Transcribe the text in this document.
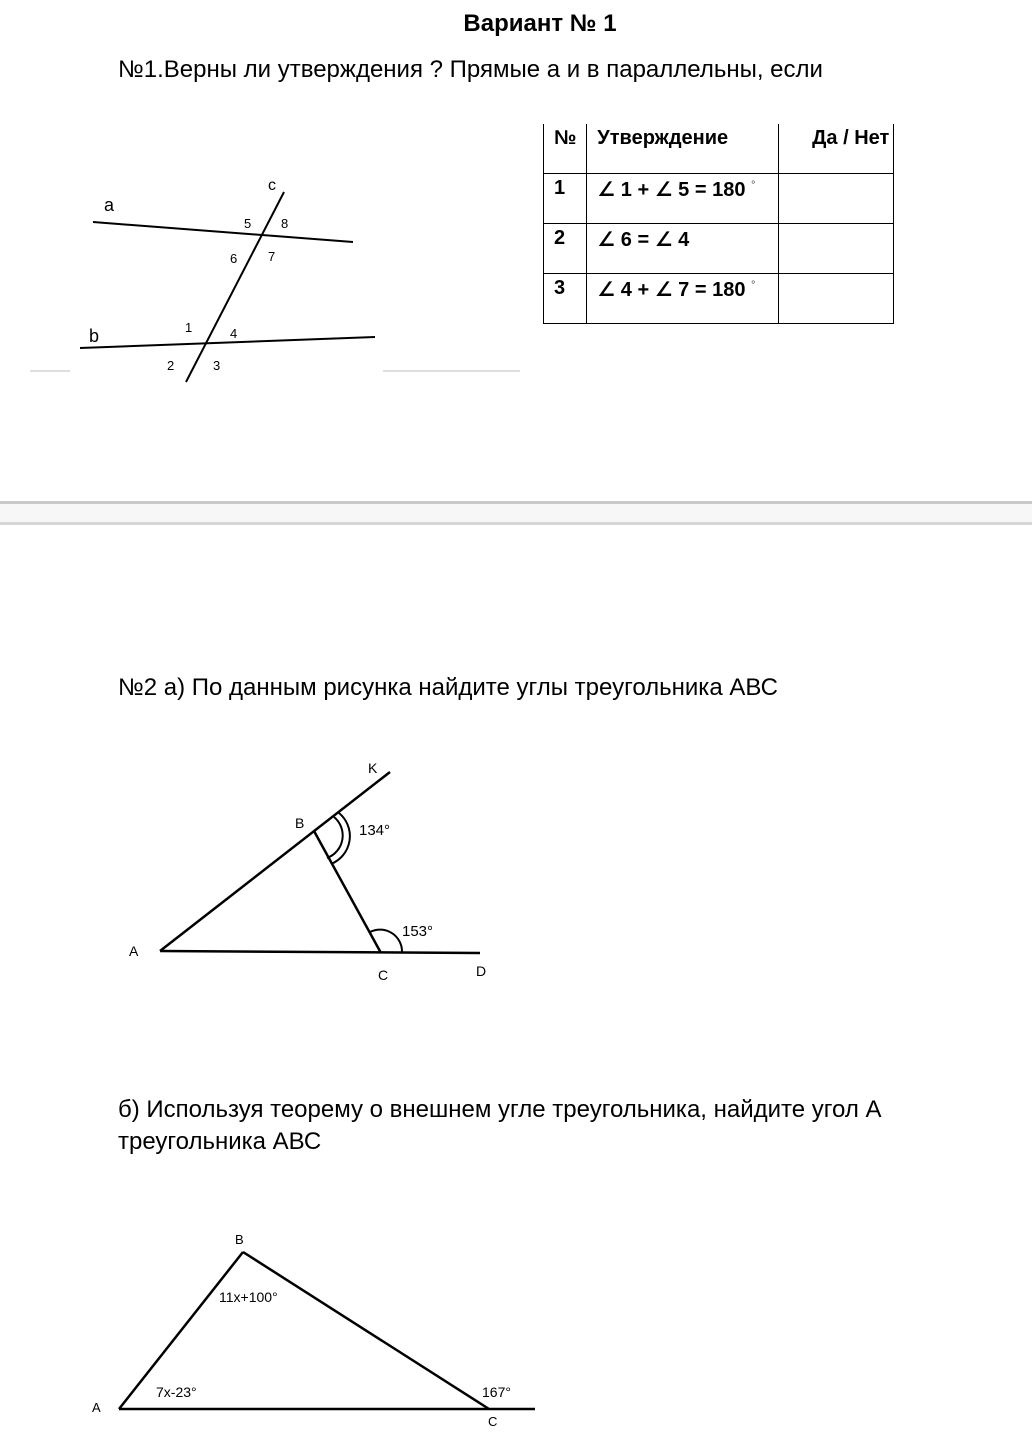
Вариант № 1
№1.Верны ли утверждения ? Прямые а и в параллельны, если
a
b
c
5 8
6 7
1	4
2	3
№	Утверждение	Да / Нет
1	∠ 1 + ∠ 5 = 180 °	
2	∠ 6 = ∠ 4	
3	∠ 4 + ∠ 7 = 180 °	
№2 а) По данным рисунка найдите углы треугольника АВС
K
B
A
C	D
134°
153°
б) Используя теорему о внешнем угле треугольника, найдите угол А треугольника АВС
B
A
C
11x+100°
7x-23°	167°
